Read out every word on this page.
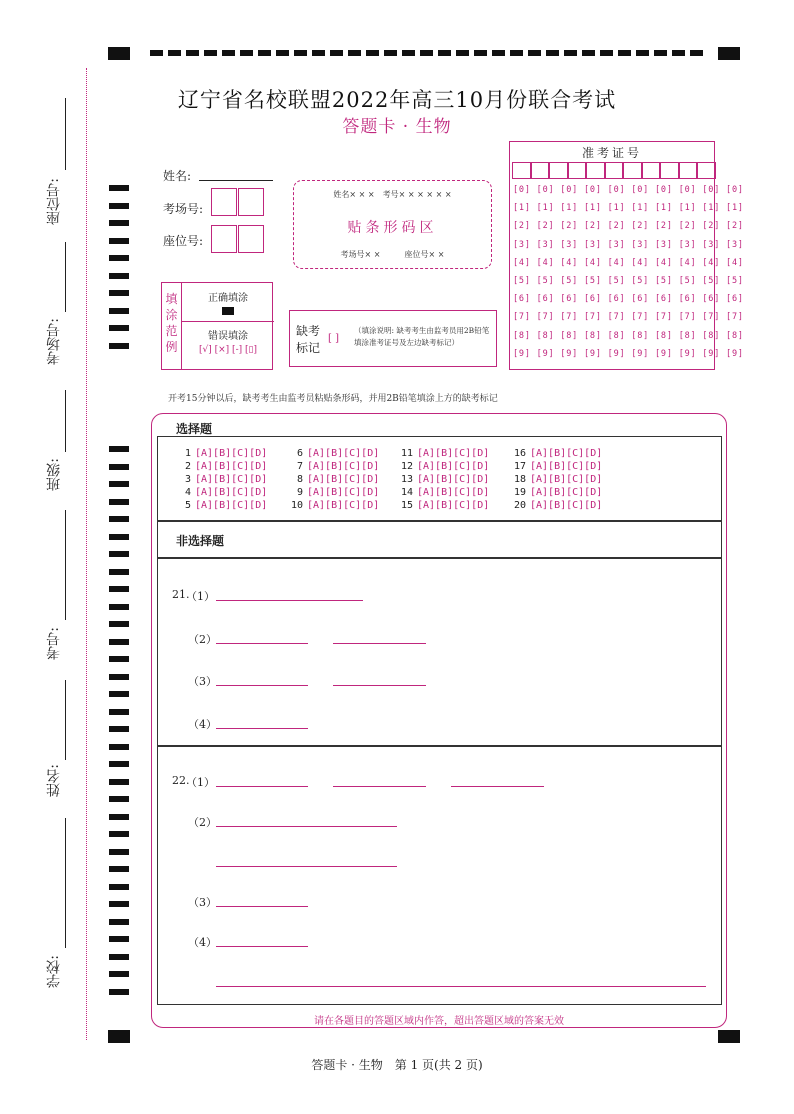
座位号:
考场号:
班级:
考号:
姓名:
学校:
辽宁省名校联盟2022年高三10月份联合考试
答题卡 · 生物
姓名:
考场号:
座位号:
姓名× × ×　考号× × × × × ×
贴条形码区
考场号× ×　　　座位号× ×
准考证号
[0] [0] [0] [0] [0] [0] [0] [0] [0] [0]
[1] [1] [1] [1] [1] [1] [1] [1] [1] [1]
[2] [2] [2] [2] [2] [2] [2] [2] [2] [2]
[3] [3] [3] [3] [3] [3] [3] [3] [3] [3]
[4] [4] [4] [4] [4] [4] [4] [4] [4] [4]
[5] [5] [5] [5] [5] [5] [5] [5] [5] [5]
[6] [6] [6] [6] [6] [6] [6] [6] [6] [6]
[7] [7] [7] [7] [7] [7] [7] [7] [7] [7]
[8] [8] [8] [8] [8] [8] [8] [8] [8] [8]
[9] [9] [9] [9] [9] [9] [9] [9] [9] [9]
填涂范例
正确填涂
错误填涂
[√] [×] [-] [▯]
缺考标记
[ ]
（填涂说明: 缺考考生由监考员用2B铅笔填涂准考证号及左边缺考标记）
开考15分钟以后，缺考考生由监考员粘贴条形码，并用2B铅笔填涂上方的缺考标记
选择题
1 [A][B][C][D]
2 [A][B][C][D]
3 [A][B][C][D]
4 [A][B][C][D]
5 [A][B][C][D]
6 [A][B][C][D]
7 [A][B][C][D]
8 [A][B][C][D]
9 [A][B][C][D]
10 [A][B][C][D]
11 [A][B][C][D]
12 [A][B][C][D]
13 [A][B][C][D]
14 [A][B][C][D]
15 [A][B][C][D]
16 [A][B][C][D]
17 [A][B][C][D]
18 [A][B][C][D]
19 [A][B][C][D]
20 [A][B][C][D]
非选择题
21.
（1）
（2）
（3）
（4）
22.
（1）
（2）
（3）
（4）
请在各题目的答题区域内作答，超出答题区域的答案无效
答题卡 · 生物　第 1 页(共 2 页)
